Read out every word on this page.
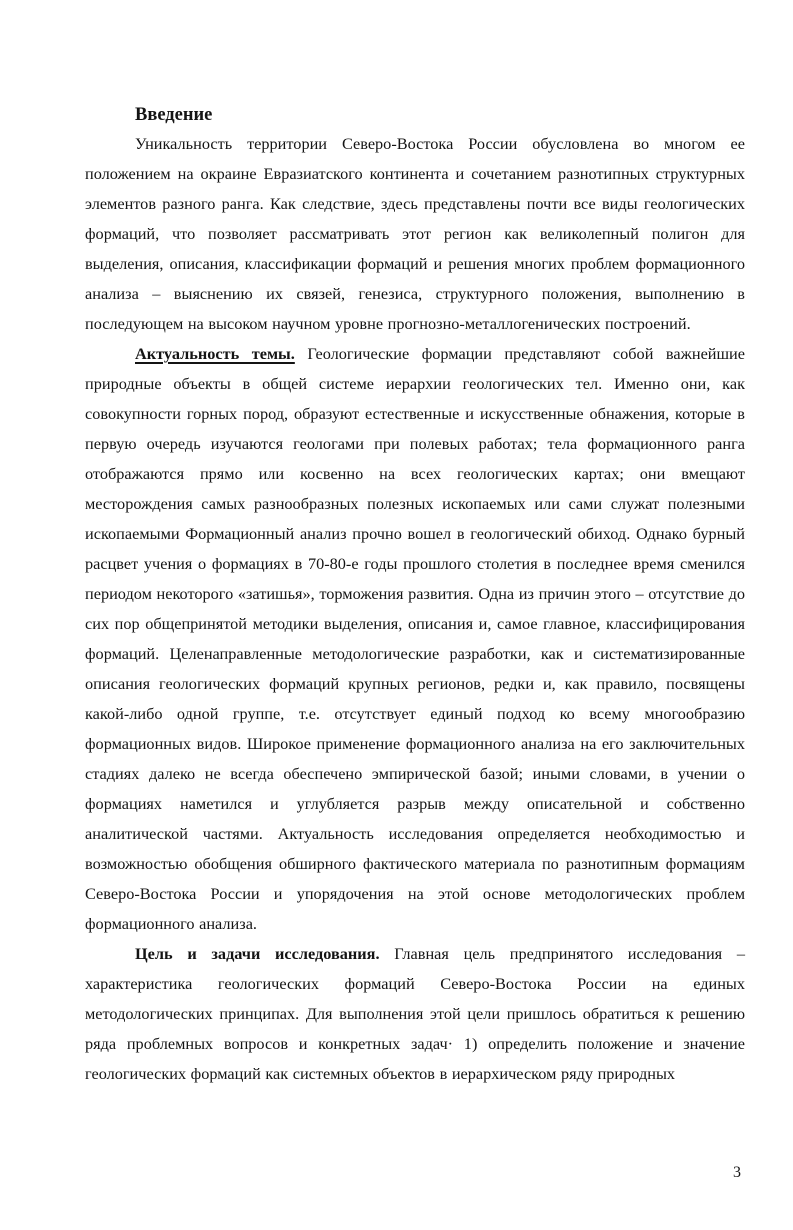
Введение

Уникальность территории Северо-Востока России обусловлена во многом ее положением на окраине Евразиатского континента и сочетанием разнотипных структурных элементов разного ранга. Как следствие, здесь представлены почти все виды геологических формаций, что позволяет рассматривать этот регион как великолепный полигон для выделения, описания, классификации формаций и решения многих проблем формационного анализа – выяснению их связей, генезиса, структурного положения, выполнению в последующем на высоком научном уровне прогнозно-металлогенических построений.

Актуальность темы. Геологические формации представляют собой важнейшие природные объекты в общей системе иерархии геологических тел. Именно они, как совокупности горных пород, образуют естественные и искусственные обнажения, которые в первую очередь изучаются геологами при полевых работах; тела формационного ранга отображаются прямо или косвенно на всех геологических картах; они вмещают месторождения самых разнообразных полезных ископаемых или сами служат полезными ископаемыми Формационный анализ прочно вошел в геологический обиход. Однако бурный расцвет учения о формациях в 70-80-е годы прошлого столетия в последнее время сменился периодом некоторого «затишья», торможения развития. Одна из причин этого – отсутствие до сих пор общепринятой методики выделения, описания и, самое главное, классифицирования формаций. Целенаправленные методологические разработки, как и систематизированные описания геологических формаций крупных регионов, редки и, как правило, посвящены какой-либо одной группе, т.е. отсутствует единый подход ко всему многообразию формационных видов. Широкое применение формационного анализа на его заключительных стадиях далеко не всегда обеспечено эмпирической базой; иными словами, в учении о формациях наметился и углубляется разрыв между описательной и собственно аналитической частями. Актуальность исследования определяется необходимостью и возможностью обобщения обширного фактического материала по разнотипным формациям Северо-Востока России и упорядочения на этой основе методологических проблем формационного анализа.

Цель и задачи исследования. Главная цель предпринятого исследования – характеристика геологических формаций Северо-Востока России на единых методологических принципах. Для выполнения этой цели пришлось обратиться к решению ряда проблемных вопросов и конкретных задач· 1) определить положение и значение геологических формаций как системных объектов в иерархическом ряду природных

3
